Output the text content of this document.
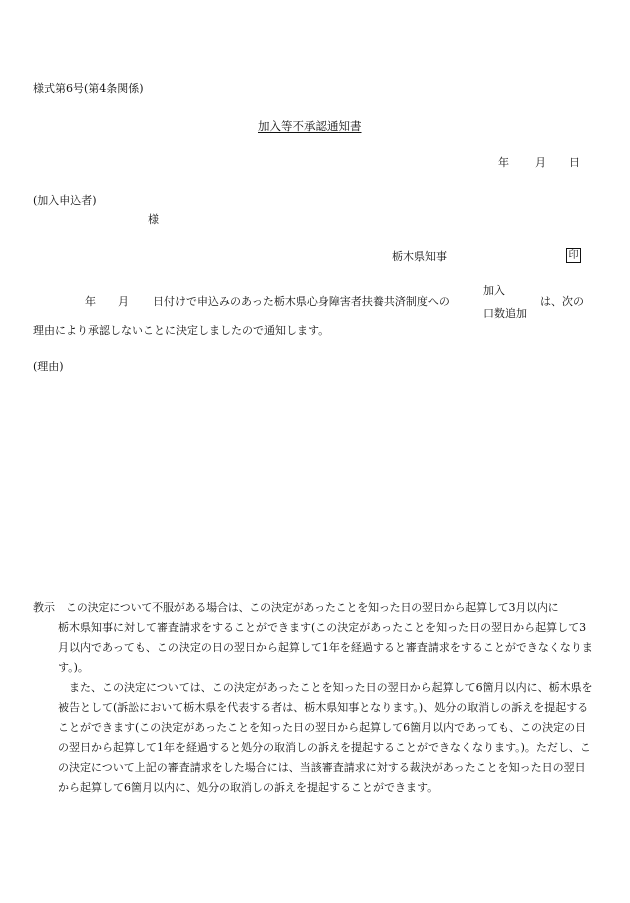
様式第6号(第4条関係)
加入等不承認通知書
年 月 日
(加入申込者)
様
栃木県知事	印
年 月 日付けで申込みのあった栃木県心身障害者扶養共済制度への
加入
口数追加
は、次の
理由により承認しないことに決定しましたので通知します。
(理由)
教示	この決定について不服がある場合は、この決定があったことを知った日の翌日から起算して3月以内に

栃木県知事に対して審査請求をすることができます(この決定があったことを知った日の翌日から起算して3月以内であっても、この決定の日の翌日から起算して1年を経過すると審査請求をすることができなくなります。)。

また、この決定については、この決定があったことを知った日の翌日から起算して6箇月以内に、栃木県を被告として(訴訟において栃木県を代表する者は、栃木県知事となります。)、処分の取消しの訴えを提起することができます(この決定があったことを知った日の翌日から起算して6箇月以内であっても、この決定の日の翌日から起算して1年を経過すると処分の取消しの訴えを提起することができなくなります。)。ただし、この決定について上記の審査請求をした場合には、当該審査請求に対する裁決があったことを知った日の翌日から起算して6箇月以内に、処分の取消しの訴えを提起することができます。
